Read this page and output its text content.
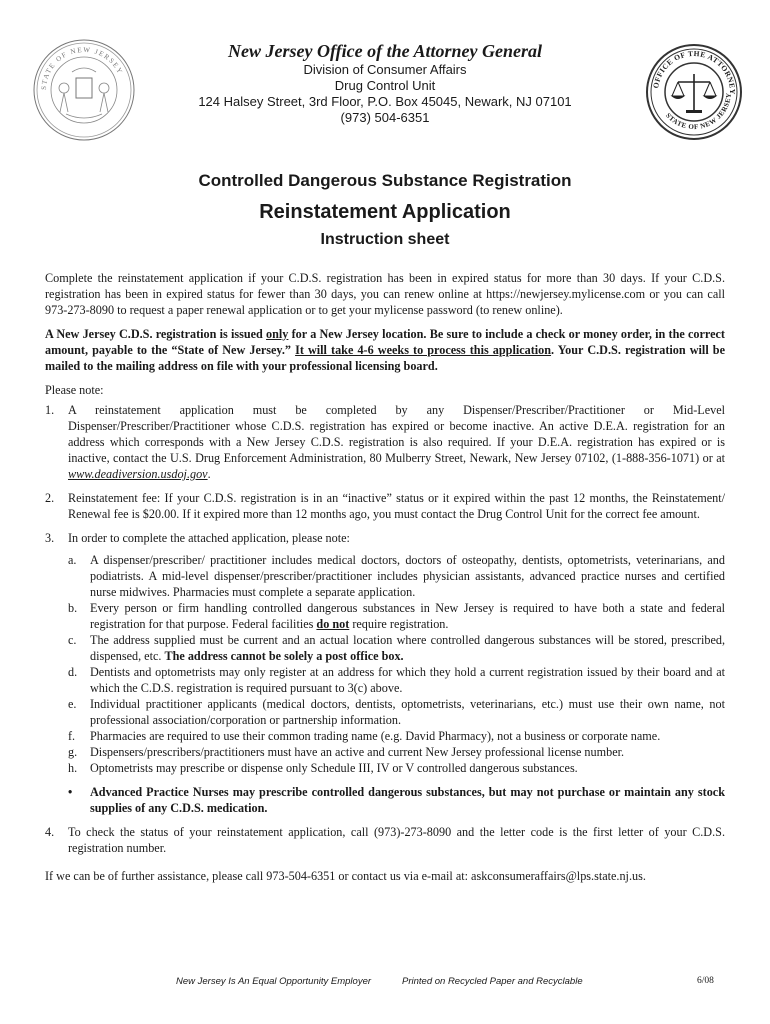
STATE OF NEW JERSEY
OFFICE OF THE ATTORNEY
STATE OF NEW JERSEY
New Jersey Office of the Attorney General
Division of Consumer Affairs
Drug Control Unit
124 Halsey Street, 3rd Floor, P.O. Box 45045, Newark, NJ 07101
(973) 504-6351
Controlled Dangerous Substance Registration
Reinstatement Application
Instruction sheet

Complete the reinstatement application if your C.D.S. registration has been in expired status for more than 30 days. If your C.D.S. registration has been in expired status for fewer than 30 days, you can renew online at https://newjersey.mylicense.com or you can call 973-273-8090 to request a paper renewal application or to get your mylicense password (to renew online).

A New Jersey C.D.S. registration is issued only for a New Jersey location. Be sure to include a check or money order, in the correct amount, payable to the “State of New Jersey.” It will take 4-6 weeks to process this application. Your C.D.S. registration will be mailed to the mailing address on file with your professional licensing board.

Please note:

1.	A reinstatement application must be completed by any Dispenser/Prescriber/Practitioner or Mid-Level Dispenser/Prescriber/Practitioner whose C.D.S. registration has expired or become inactive. An active D.E.A. registration for an address which corresponds with a New Jersey C.D.S. registration is also required. If your D.E.A. registration has expired or is inactive, contact the U.S. Drug Enforcement Administration, 80 Mulberry Street, Newark, New Jersey 07102, (1-888-356-1071) or at www.deadiversion.usdoj.gov.
2.	Reinstatement fee: If your C.D.S. registration is in an “inactive” status or it expired within the past 12 months, the Reinstatement/ Renewal fee is $20.00. If it expired more than 12 months ago, you must contact the Drug Control Unit for the correct fee amount.
3.	In order to complete the attached application, please note:
a.	A dispenser/prescriber/ practitioner includes medical doctors, doctors of osteopathy, dentists, optometrists, veterinarians, and podiatrists. A mid-level dispenser/prescriber/practitioner includes physician assistants, advanced practice nurses and certified nurse midwives. Pharmacies must complete a separate application.
b.	Every person or firm handling controlled dangerous substances in New Jersey is required to have both a state and federal registration for that purpose. Federal facilities do not require registration.
c.	The address supplied must be current and an actual location where controlled dangerous substances will be stored, prescribed, dispensed, etc. The address cannot be solely a post office box.
d.	Dentists and optometrists may only register at an address for which they hold a current registration issued by their board and at which the C.D.S. registration is required pursuant to 3(c) above.
e.	Individual practitioner applicants (medical doctors, dentists, optometrists, veterinarians, etc.) must use their own name, not professional association/corporation or partnership information.
f.	Pharmacies are required to use their common trading name (e.g. David Pharmacy), not a business or corporate name.
g.	Dispensers/prescribers/practitioners must have an active and current New Jersey professional license number.
h.	Optometrists may prescribe or dispense only Schedule III, IV or V controlled dangerous substances.
•	Advanced Practice Nurses may prescribe controlled dangerous substances, but may not purchase or maintain any stock supplies of any C.D.S. medication.
4.	To check the status of your reinstatement application, call (973)-273-8090 and the letter code is the first letter of your C.D.S. registration number.

If we can be of further assistance, please call 973-504-6351 or contact us via e-mail at: askconsumeraffairs@lps.state.nj.us.

New Jersey Is An Equal Opportunity Employer	Printed on Recycled Paper and Recyclable	6/08
